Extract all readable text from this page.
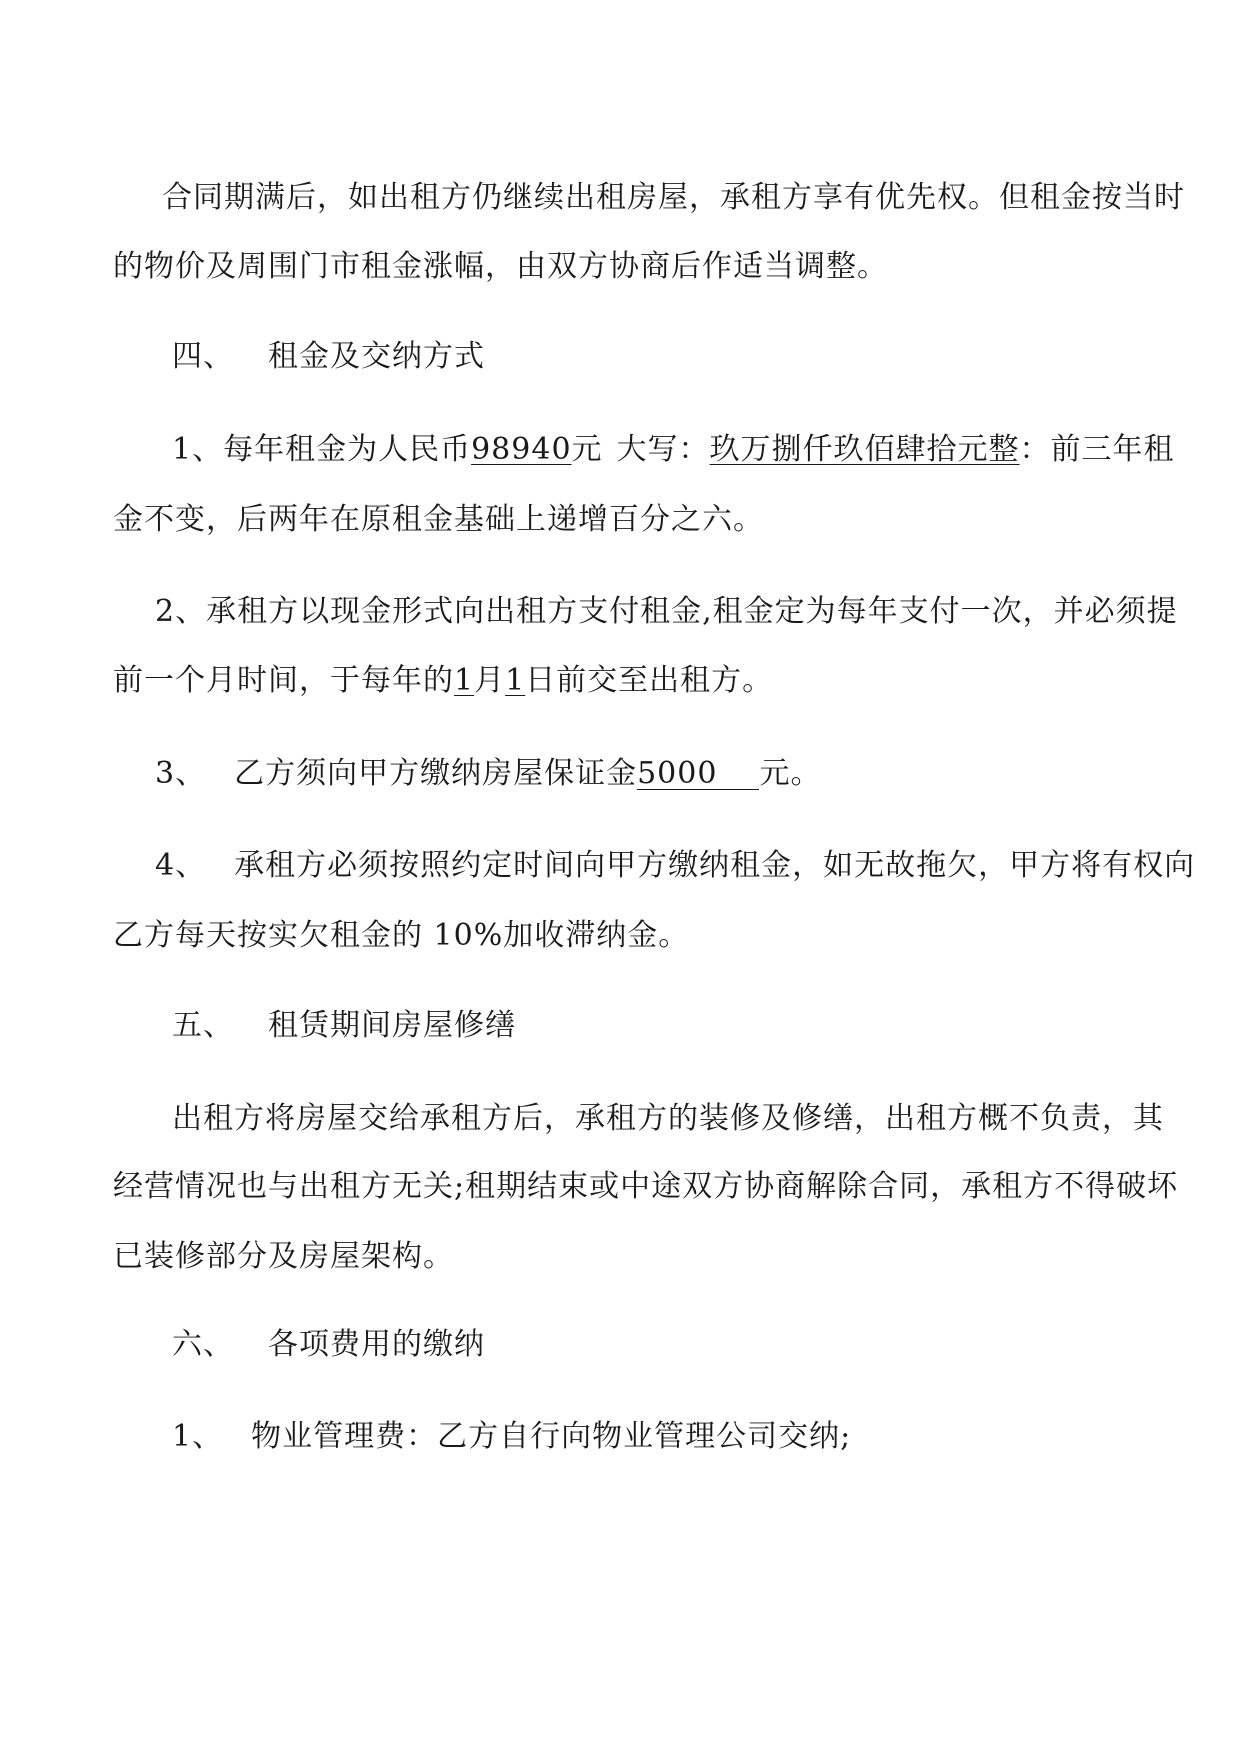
合同期满后，如出租方仍继续出租房屋，承租方享有优先权。但租金按当时
的物价及周围门市租金涨幅，由双方协商后作适当调整。
四、 租金及交纳方式
1、每年租金为人民币98940元 大写：玖万捌仟玖佰肆拾元整：前三年租
金不变，后两年在原租金基础上递增百分之六。
2、承租方以现金形式向出租方支付租金,租金定为每年支付一次，并必须提
前一个月时间，于每年的1月1日前交至出租方。
3、 乙方须向甲方缴纳房屋保证金5000 元。
4、 承租方必须按照约定时间向甲方缴纳租金，如无故拖欠，甲方将有权向
乙方每天按实欠租金的 10%加收滞纳金。
五、 租赁期间房屋修缮
出租方将房屋交给承租方后，承租方的装修及修缮，出租方概不负责，其
经营情况也与出租方无关;租期结束或中途双方协商解除合同，承租方不得破坏
已装修部分及房屋架构。
六、 各项费用的缴纳
1、 物业管理费：乙方自行向物业管理公司交纳;
